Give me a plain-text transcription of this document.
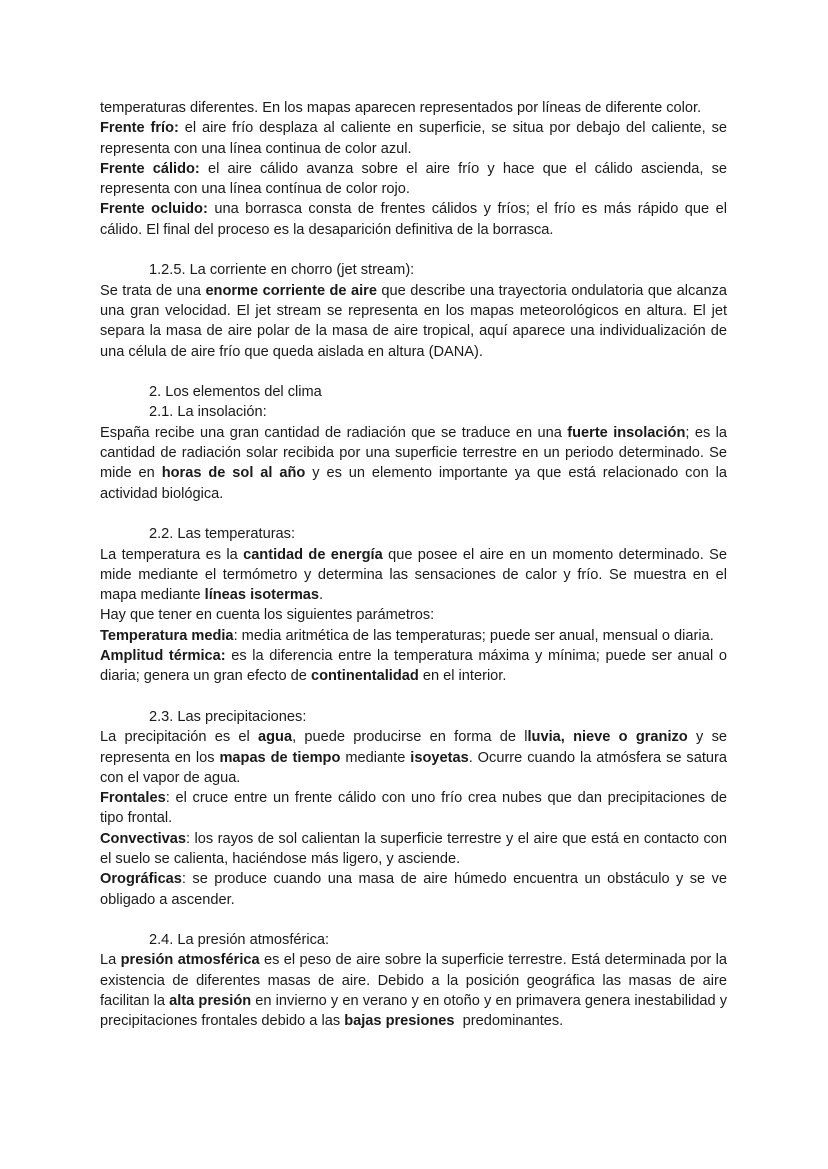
temperaturas diferentes. En los mapas aparecen representados por líneas de diferente color.

Frente frío: el aire frío desplaza al caliente en superficie, se situa por debajo del caliente, se representa con una línea continua de color azul.

Frente cálido: el aire cálido avanza sobre el aire frío y hace que el cálido ascienda, se representa con una línea contínua de color rojo.

Frente ocluido: una borrasca consta de frentes cálidos y fríos; el frío es más rápido que el cálido. El final del proceso es la desaparición definitiva de la borrasca.

1.2.5. La corriente en chorro (jet stream):

Se trata de una enorme corriente de aire que describe una trayectoria ondulatoria que alcanza una gran velocidad. El jet stream se representa en los mapas meteorológicos en altura. El jet separa la masa de aire polar de la masa de aire tropical, aquí aparece una individualización de una célula de aire frío que queda aislada en altura (DANA).

2. Los elementos del clima

2.1. La insolación:

España recibe una gran cantidad de radiación que se traduce en una fuerte insolación; es la cantidad de radiación solar recibida por una superficie terrestre en un periodo determinado. Se mide en horas de sol al año y es un elemento importante ya que está relacionado con la actividad biológica.

2.2. Las temperaturas:

La temperatura es la cantidad de energía que posee el aire en un momento determinado. Se mide mediante el termómetro y determina las sensaciones de calor y frío. Se muestra en el mapa mediante líneas isotermas.

Hay que tener en cuenta los siguientes parámetros:

Temperatura media: media aritmética de las temperaturas; puede ser anual, mensual o diaria.

Amplitud térmica: es la diferencia entre la temperatura máxima y mínima; puede ser anual o diaria; genera un gran efecto de continentalidad en el interior.

2.3. Las precipitaciones:

La precipitación es el agua, puede producirse en forma de lluvia, nieve o granizo y se representa en los mapas de tiempo mediante isoyetas. Ocurre cuando la atmósfera se satura con el vapor de agua.

Frontales: el cruce entre un frente cálido con uno frío crea nubes que dan precipitaciones de tipo frontal.

Convectivas: los rayos de sol calientan la superficie terrestre y el aire que está en contacto con el suelo se calienta, haciéndose más ligero, y asciende.

Orográficas: se produce cuando una masa de aire húmedo encuentra un obstáculo y se ve obligado a ascender.

2.4. La presión atmosférica:

La presión atmosférica es el peso de aire sobre la superficie terrestre. Está determinada por la existencia de diferentes masas de aire. Debido a la posición geográfica las masas de aire facilitan la alta presión en invierno y en verano y en otoño y en primavera genera inestabilidad y precipitaciones frontales debido a las bajas presiones  predominantes.
